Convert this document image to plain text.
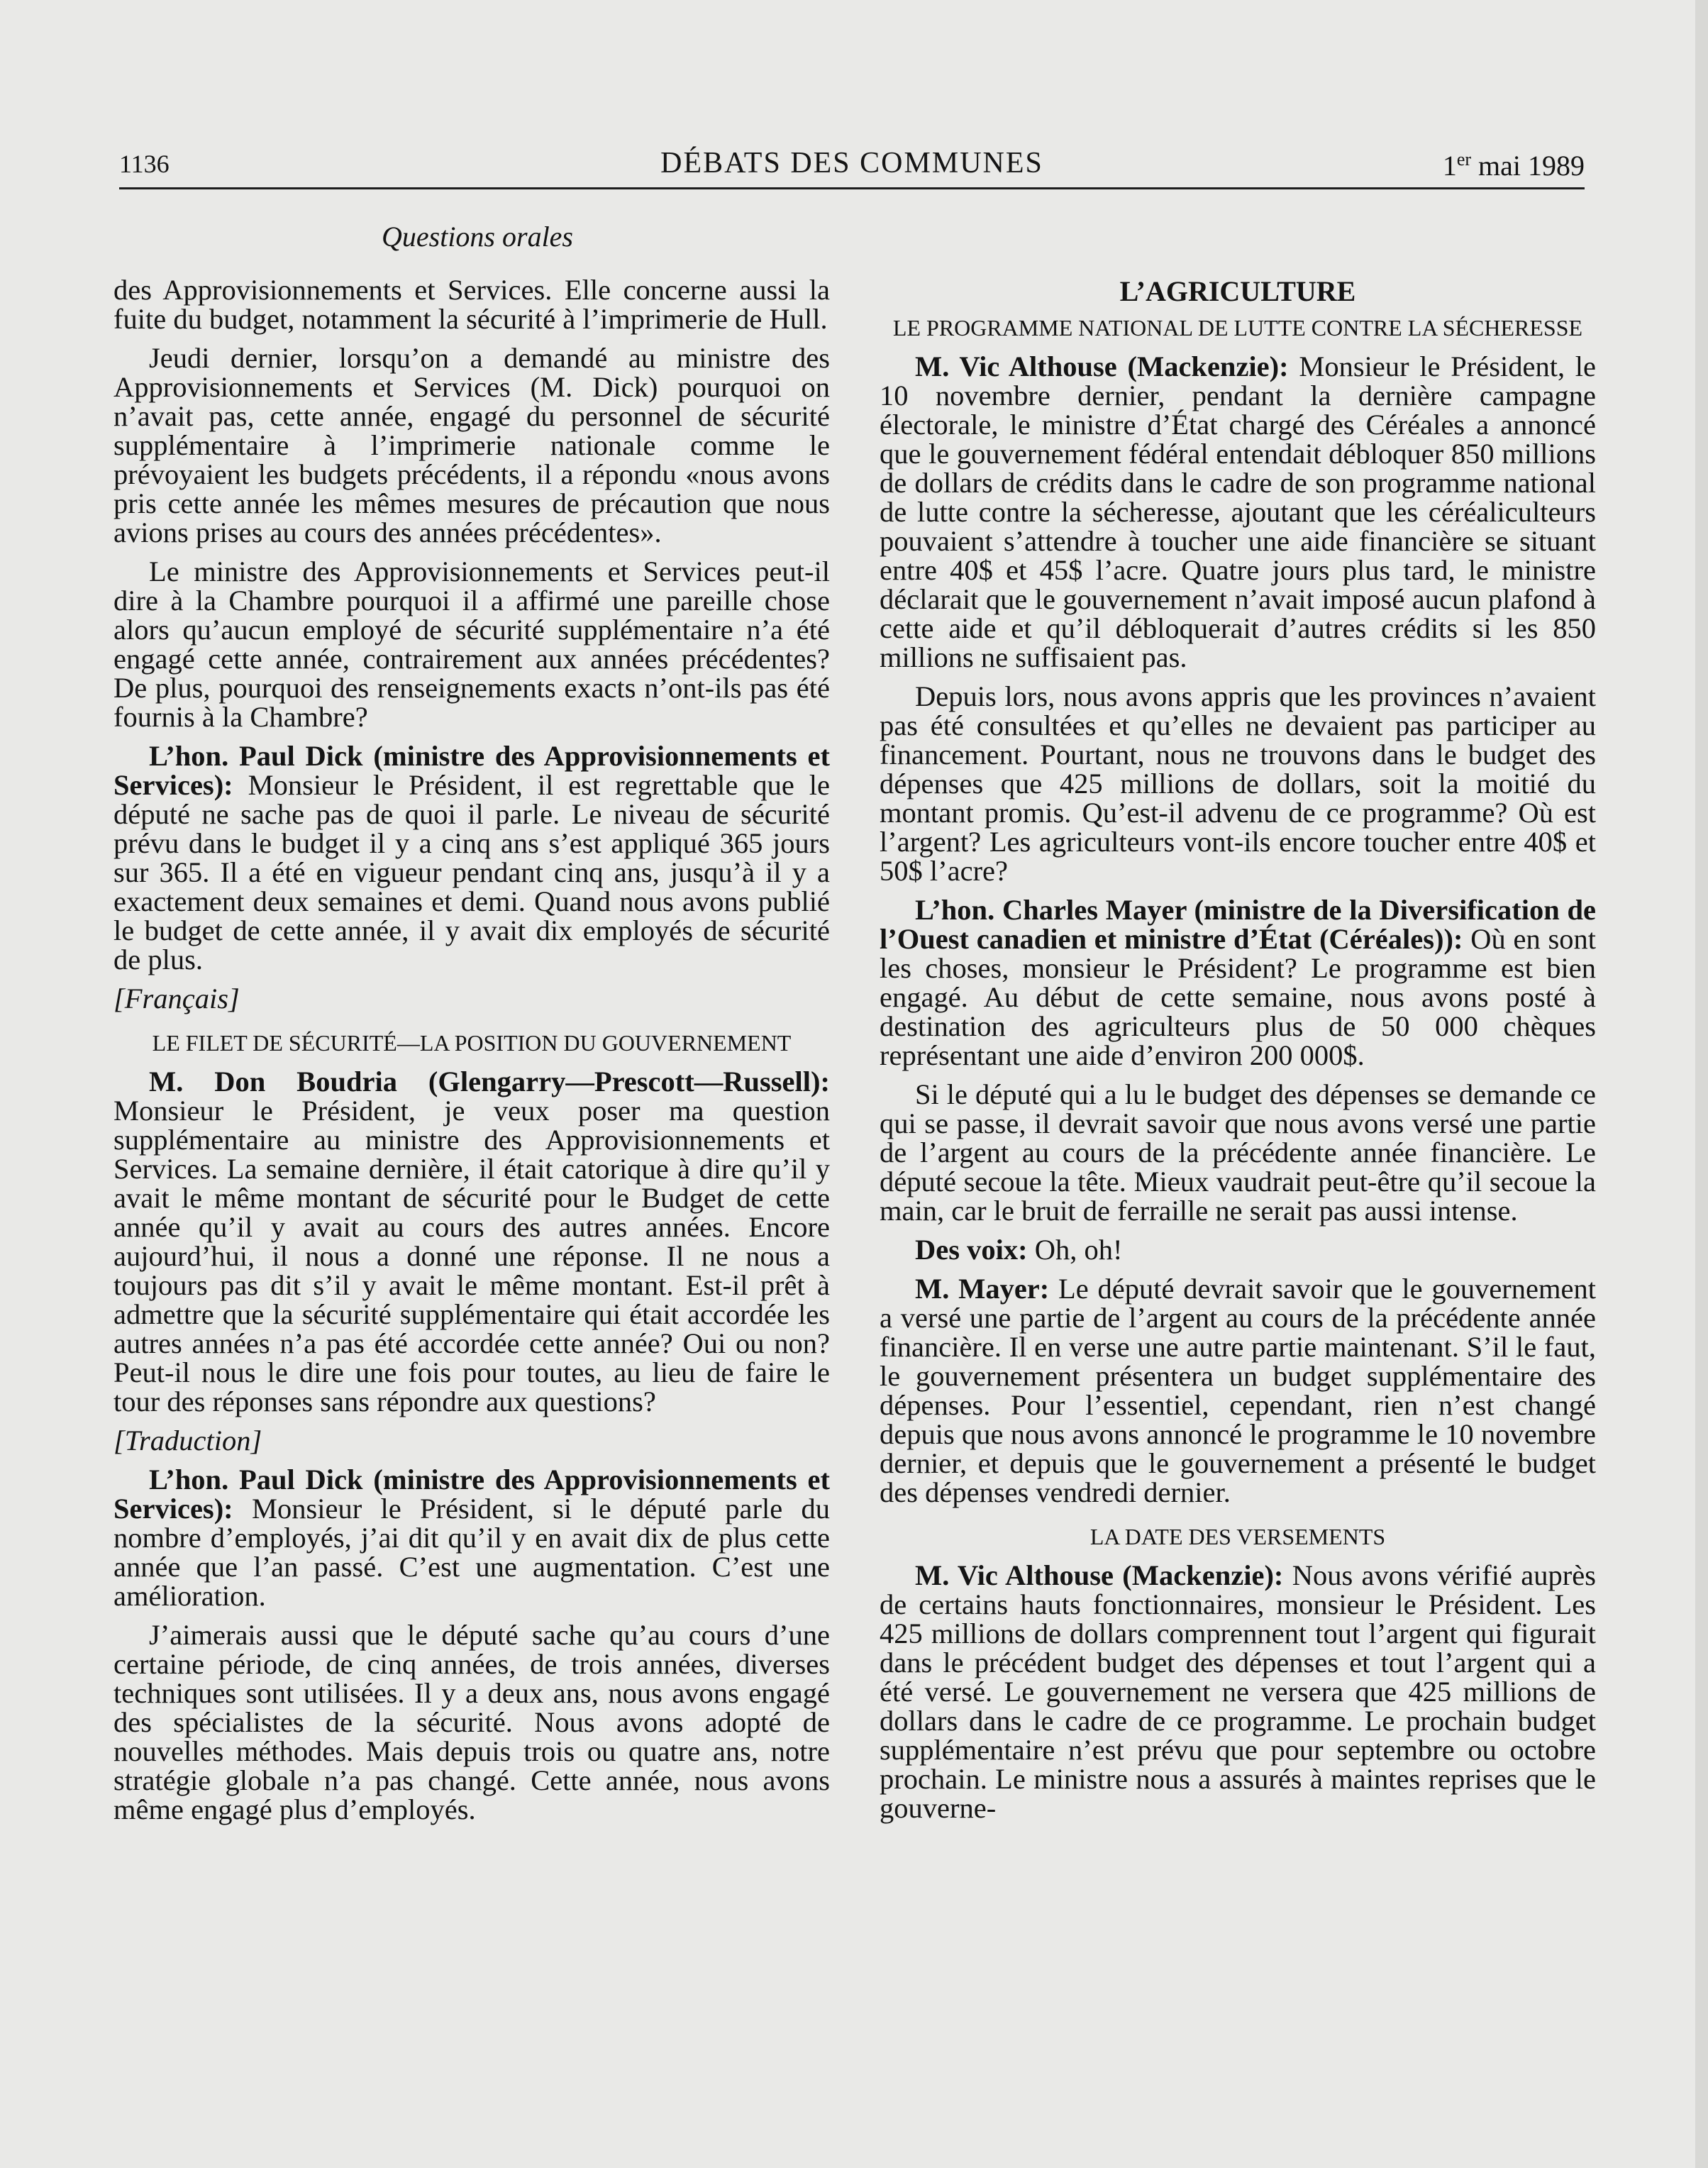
1136	DÉBATS DES COMMUNES	1er mai 1989
Questions orales

des Approvisionnements et Services. Elle concerne aussi la fuite du budget, notamment la sécurité à l’imprimerie de Hull.

Jeudi dernier, lorsqu’on a demandé au ministre des Approvisionnements et Services (M. Dick) pourquoi on n’avait pas, cette année, engagé du personnel de sécurité supplémentaire à l’imprimerie nationale comme le prévoyaient les budgets précédents, il a répondu «nous avons pris cette année les mêmes mesures de précaution que nous avions prises au cours des années précédentes».

Le ministre des Approvisionnements et Services peut-il dire à la Chambre pourquoi il a affirmé une pareille chose alors qu’aucun employé de sécurité supplémentaire n’a été engagé cette année, contrairement aux années précédentes? De plus, pourquoi des renseignements exacts n’ont-ils pas été fournis à la Chambre?

L’hon. Paul Dick (ministre des Approvisionnements et Services): Monsieur le Président, il est regrettable que le député ne sache pas de quoi il parle. Le niveau de sécurité prévu dans le budget il y a cinq ans s’est appliqué 365 jours sur 365. Il a été en vigueur pendant cinq ans, jusqu’à il y a exactement deux semaines et demi. Quand nous avons publié le budget de cette année, il y avait dix employés de sécurité de plus.

[Français]

LE FILET DE SÉCURITÉ—LA POSITION DU GOUVERNEMENT

M. Don Boudria (Glengarry—Prescott—Russell): Monsieur le Président, je veux poser ma question supplémentaire au ministre des Approvisionnements et Services. La semaine dernière, il était catorique à dire qu’il y avait le même montant de sécurité pour le Budget de cette année qu’il y avait au cours des autres années. Encore aujourd’hui, il nous a donné une réponse. Il ne nous a toujours pas dit s’il y avait le même montant. Est-il prêt à admettre que la sécurité supplémentaire qui était accordée les autres années n’a pas été accordée cette année? Oui ou non? Peut-il nous le dire une fois pour toutes, au lieu de faire le tour des réponses sans répondre aux questions?

[Traduction]

L’hon. Paul Dick (ministre des Approvisionnements et Services): Monsieur le Président, si le député parle du nombre d’employés, j’ai dit qu’il y en avait dix de plus cette année que l’an passé. C’est une augmentation. C’est une amélioration.

J’aimerais aussi que le député sache qu’au cours d’une certaine période, de cinq années, de trois années, diverses techniques sont utilisées. Il y a deux ans, nous avons engagé des spécialistes de la sécurité. Nous avons adopté de nouvelles méthodes. Mais depuis trois ou quatre ans, notre stratégie globale n’a pas changé. Cette année, nous avons même engagé plus d’employés.

L’AGRICULTURE
LE PROGRAMME NATIONAL DE LUTTE CONTRE LA SÉCHERESSE

M. Vic Althouse (Mackenzie): Monsieur le Président, le 10 novembre dernier, pendant la dernière campagne électorale, le ministre d’État chargé des Céréales a annoncé que le gouvernement fédéral entendait débloquer 850 millions de dollars de crédits dans le cadre de son programme national de lutte contre la sécheresse, ajoutant que les céréaliculteurs pouvaient s’attendre à toucher une aide financière se situant entre 40$ et 45$ l’acre. Quatre jours plus tard, le ministre déclarait que le gouvernement n’avait imposé aucun plafond à cette aide et qu’il débloquerait d’autres crédits si les 850 millions ne suffisaient pas.

Depuis lors, nous avons appris que les provinces n’avaient pas été consultées et qu’elles ne devaient pas participer au financement. Pourtant, nous ne trouvons dans le budget des dépenses que 425 millions de dollars, soit la moitié du montant promis. Qu’est-il advenu de ce programme? Où est l’argent? Les agriculteurs vont-ils encore toucher entre 40$ et 50$ l’acre?

L’hon. Charles Mayer (ministre de la Diversification de l’Ouest canadien et ministre d’État (Céréales)): Où en sont les choses, monsieur le Président? Le programme est bien engagé. Au début de cette semaine, nous avons posté à destination des agriculteurs plus de 50 000 chèques représentant une aide d’environ 200 000$.

Si le député qui a lu le budget des dépenses se demande ce qui se passe, il devrait savoir que nous avons versé une partie de l’argent au cours de la précédente année financière. Le député secoue la tête. Mieux vaudrait peut-être qu’il secoue la main, car le bruit de ferraille ne serait pas aussi intense.

Des voix: Oh, oh!

M. Mayer: Le député devrait savoir que le gouvernement a versé une partie de l’argent au cours de la précédente année financière. Il en verse une autre partie maintenant. S’il le faut, le gouvernement présentera un budget supplémentaire des dépenses. Pour l’essentiel, cependant, rien n’est changé depuis que nous avons annoncé le programme le 10 novembre dernier, et depuis que le gouvernement a présenté le budget des dépenses vendredi dernier.

LA DATE DES VERSEMENTS

M. Vic Althouse (Mackenzie): Nous avons vérifié auprès de certains hauts fonctionnaires, monsieur le Président. Les 425 millions de dollars comprennent tout l’argent qui figurait dans le précédent budget des dépenses et tout l’argent qui a été versé. Le gouvernement ne versera que 425 millions de dollars dans le cadre de ce programme. Le prochain budget supplémentaire n’est prévu que pour septembre ou octobre prochain. Le ministre nous a assurés à maintes reprises que le gouverne-
